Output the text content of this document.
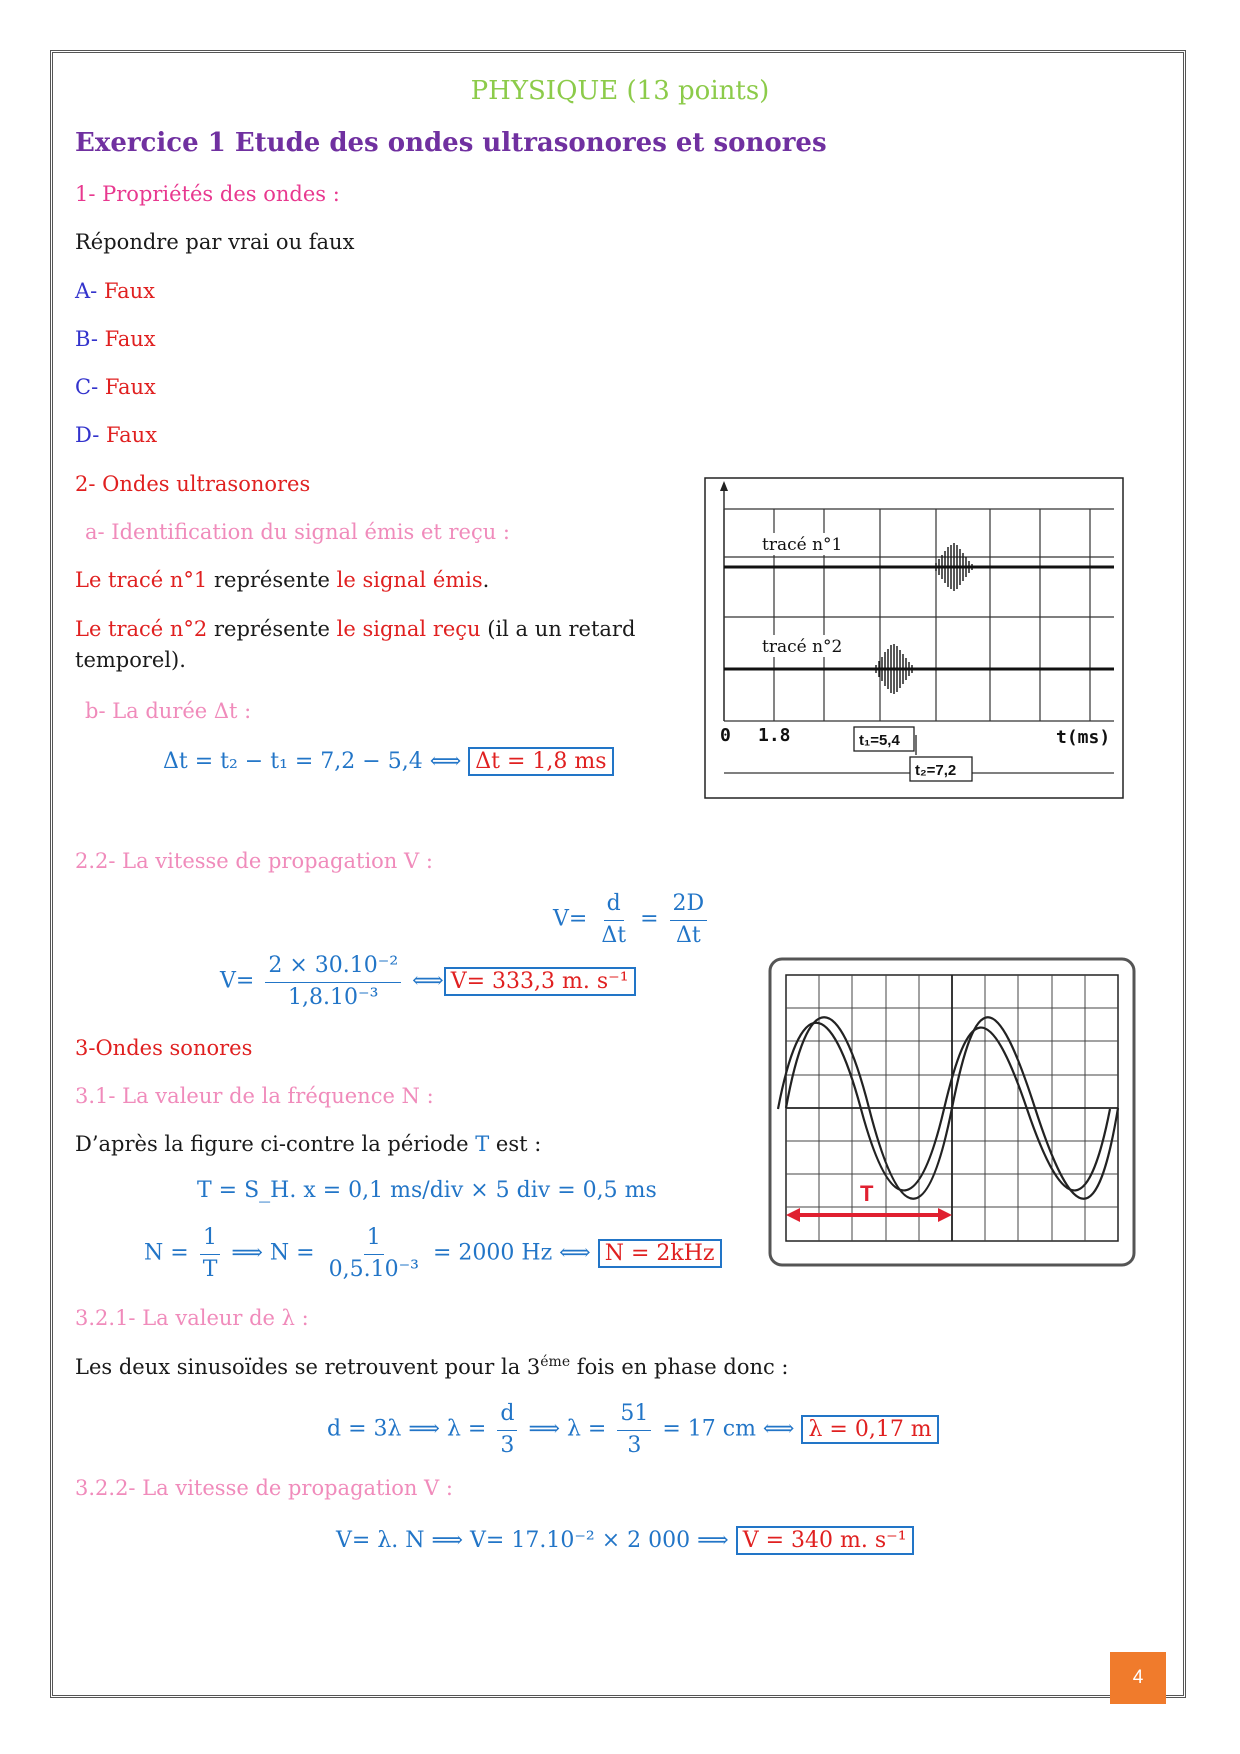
PHYSIQUE (13 points)
Exercice 1 Etude des ondes ultrasonores et sonores
1- Propriétés des ondes :
Répondre par vrai ou faux
A- Faux
B- Faux
C- Faux
D- Faux
2- Ondes ultrasonores
a- Identification du signal émis et reçu :
Le tracé n°1 représente le signal émis.
Le tracé n°2 représente le signal reçu (il a un retard
temporel).
b- La durée Δt :
Δt = t₂ − t₁ = 7,2 − 5,4 ⟺ Δt = 1,8 ms
tracé n°1
tracé n°2
0 1.8	t₁=5,4
t₂=7,2
t(ms)
2.2- La vitesse de propagation V :
$V= \frac{d}{\Delta t} = \frac{2D}{\Delta t}$
$V= \frac{\text{2 × 30.10⁻²}}{\text{1,8.10⁻³}}$ ⟺ V= 333,3 m. s⁻¹
3-Ondes sonores
3.1- La valeur de la fréquence N :
D’après la figure ci-contre la période T est :
T = S_H. x = 0,1 ms/div × 5 div = 0,5 ms
$N = \frac{1}{T}$ ⟹ $N = \frac{1}{\text{0,5.10⁻³}} = 2000$ Hz ⟺ N = 2kHz
T
3.2.1- La valeur de λ :
Les deux sinusoïdes se retrouvent pour la $3^{éme}$ fois en phase donc :
d = 3λ ⟹ $\lambda = \frac{d}{3}$ ⟹ $\lambda = \frac{51}{3} = 17$ cm ⟺ λ = 0,17 m
3.2.2- La vitesse de propagation V :
V= λ. N ⟹ V= 17.10⁻² × 2 000 ⟹ V = 340 m. s⁻¹
4
